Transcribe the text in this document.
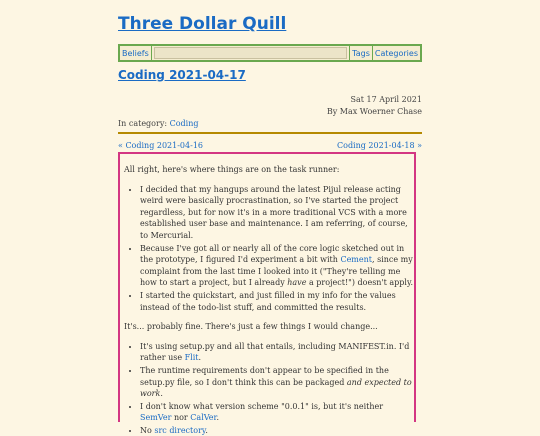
Three Dollar Quill
Beliefs	Tags Categories
Coding 2021-04-17
Sat 17 April 2021
By Max Woerner Chase
In category: Coding
« Coding 2021-04-16	Coding 2021-04-18 »

All right, here's where things are on the task runner:

• I decided that my hangups around the latest Pijul release acting weird were basically procrastination, so I've started the project regardless, but for now it's in a more traditional VCS with a more established user base and maintenance. I am referring, of course, to Mercurial.
• Because I've got all or nearly all of the core logic sketched out in the prototype, I figured I'd experiment a bit with Cement, since my complaint from the last time I looked into it ("They're telling me how to start a project, but I already have a project!") doesn't apply.
• I started the quickstart, and just filled in my info for the values instead of the todo-list stuff, and committed the results.

It's... probably fine. There's just a few things I would change...

• It's using setup.py and all that entails, including MANIFEST.in. I'd rather use Flit.
• The runtime requirements don't appear to be specified in the setup.py file, so I don't think this can be packaged and expected to work.
• I don't know what version scheme "0.0.1" is, but it's neither SemVer nor CalVer.
• No src directory.
